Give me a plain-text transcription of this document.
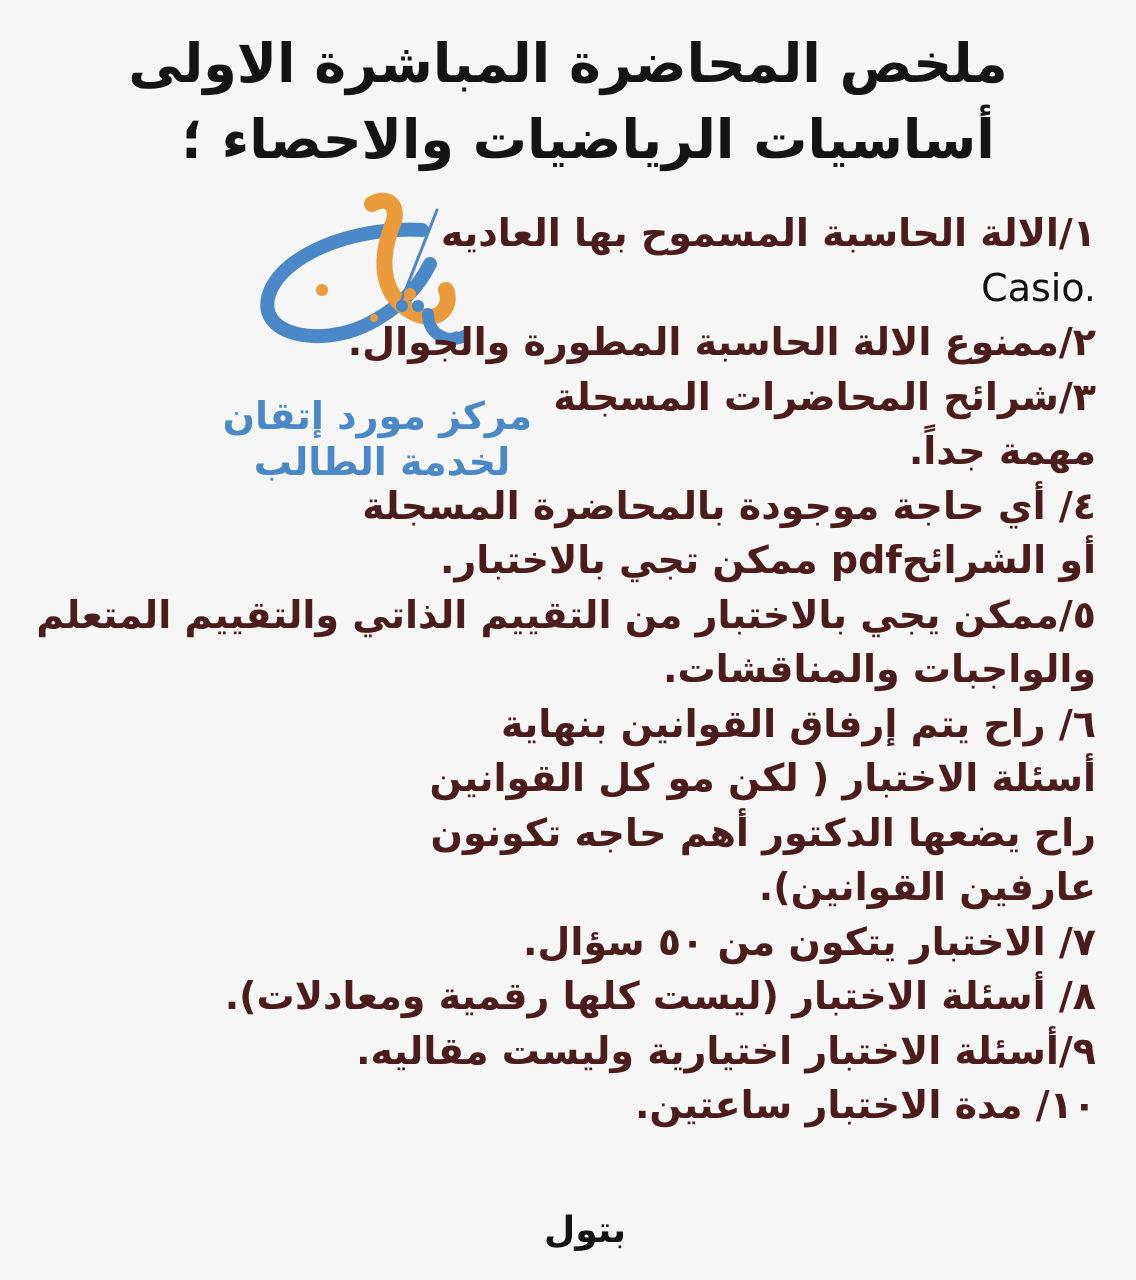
ملخص المحاضرة المباشرة الاولى
أساسيات الرياضيات والاحصاء ؛
مركز مورد إتقان
لخدمة الطالب
١/الالة الحاسبة المسموح بها العاديه
Casio.
٢/ممنوع الالة الحاسبة المطورة والجوال.
٣/شرائح المحاضرات المسجلة
مهمة جداً.
٤/ أي حاجة موجودة بالمحاضرة المسجلة
أو الشرائحpdf ممكن تجي بالاختبار.
٥/ممكن يجي بالاختبار من التقييم الذاتي والتقييم المتعلم
والواجبات والمناقشات.
٦/ راح يتم إرفاق القوانين بنهاية
أسئلة الاختبار ( لكن مو كل القوانين
راح يضعها الدكتور أهم حاجه تكونون
عارفين القوانين).
٧/ الاختبار يتكون من ٥٠ سؤال.
٨/ أسئلة الاختبار (ليست كلها رقمية ومعادلات).
٩/أسئلة الاختبار اختيارية وليست مقاليه.
١٠/ مدة الاختبار ساعتين.
بتول
